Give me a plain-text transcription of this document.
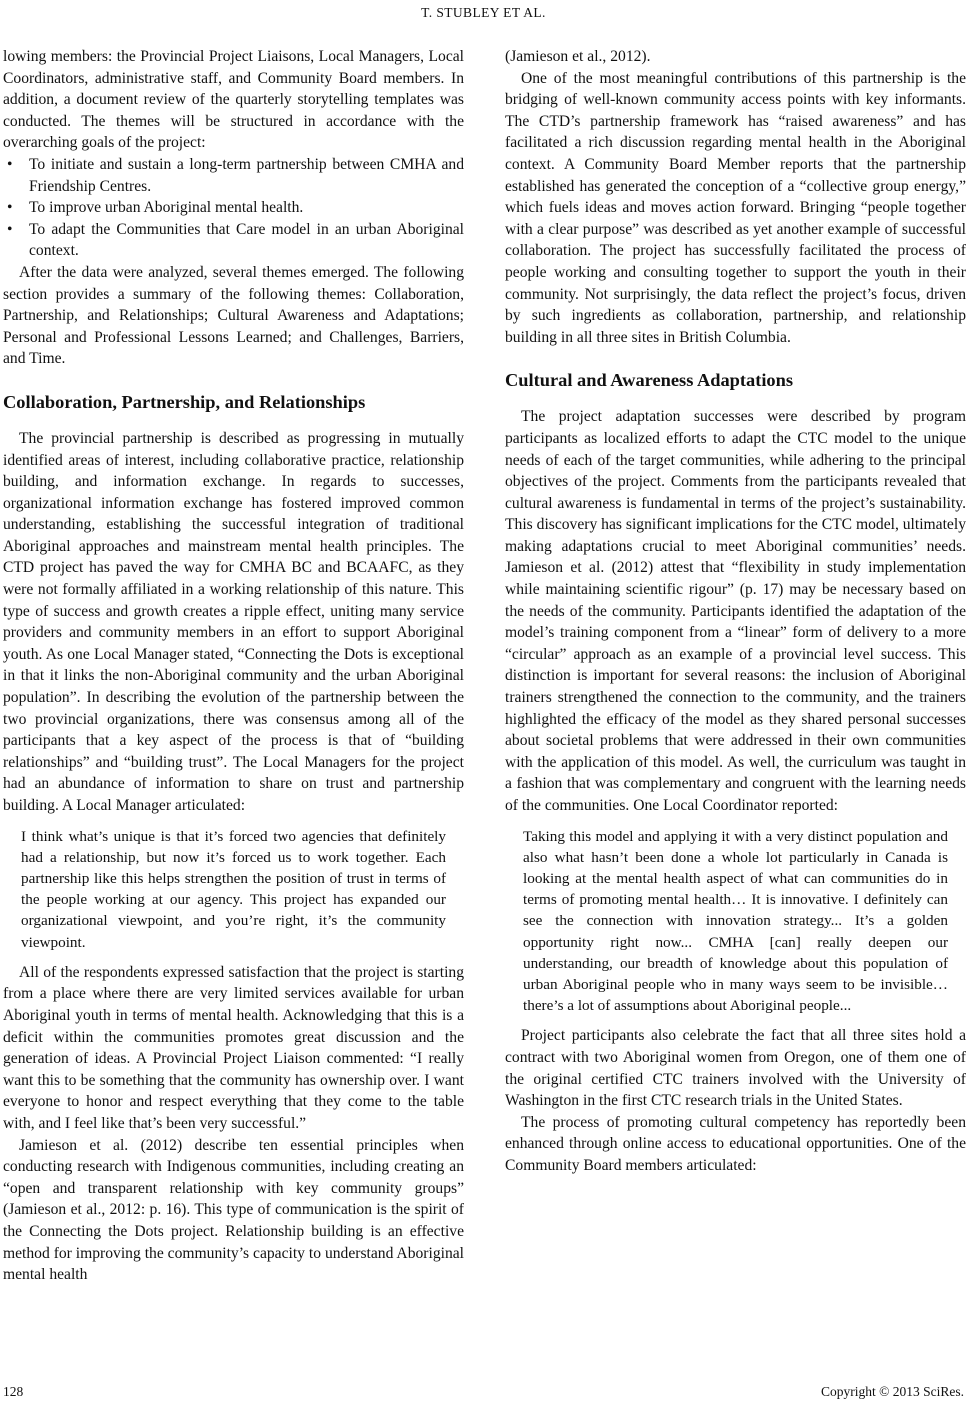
T. STUBLEY ET AL.

lowing members: the Provincial Project Liaisons, Local Managers, Local Coordinators, administrative staff, and Community Board members. In addition, a document review of the quarterly storytelling templates was conducted. The themes will be structured in accordance with the overarching goals of the project:

• To initiate and sustain a long-term partnership between CMHA and Friendship Centres.
• To improve urban Aboriginal mental health.
• To adapt the Communities that Care model in an urban Aboriginal context.

After the data were analyzed, several themes emerged. The following section provides a summary of the following themes: Collaboration, Partnership, and Relationships; Cultural Awareness and Adaptations; Personal and Professional Lessons Learned; and Challenges, Barriers, and Time.

Collaboration, Partnership, and Relationships

The provincial partnership is described as progressing in mutually identified areas of interest, including collaborative practice, relationship building, and information exchange. In regards to successes, organizational information exchange has fostered improved common understanding, establishing the successful integration of traditional Aboriginal approaches and mainstream mental health principles. The CTD project has paved the way for CMHA BC and BCAAFC, as they were not formally affiliated in a working relationship of this nature. This type of success and growth creates a ripple effect, uniting many service providers and community members in an effort to support Aboriginal youth. As one Local Manager stated, “Connecting the Dots is exceptional in that it links the non-Aboriginal community and the urban Aboriginal population”. In describing the evolution of the partnership between the two provincial organizations, there was consensus among all of the participants that a key aspect of the process is that of “building relationships” and “building trust”. The Local Managers for the project had an abundance of information to share on trust and partnership building. A Local Manager articulated:

I think what’s unique is that it’s forced two agencies that definitely had a relationship, but now it’s forced us to work together. Each partnership like this helps strengthen the position of trust in terms of the people working at our agency. This project has expanded our organizational viewpoint, and you’re right, it’s the community viewpoint.

All of the respondents expressed satisfaction that the project is starting from a place where there are very limited services available for urban Aboriginal youth in terms of mental health. Acknowledging that this is a deficit within the communities promotes great discussion and the generation of ideas. A Provincial Project Liaison commented: “I really want this to be something that the community has ownership over. I want everyone to honor and respect everything that they come to the table with, and I feel like that’s been very successful.”

Jamieson et al. (2012) describe ten essential principles when conducting research with Indigenous communities, including creating an “open and transparent relationship with key community groups” (Jamieson et al., 2012: p. 16). This type of communication is the spirit of the Connecting the Dots project. Relationship building is an effective method for improving the community’s capacity to understand Aboriginal mental health

(Jamieson et al., 2012).

One of the most meaningful contributions of this partnership is the bridging of well-known community access points with key informants. The CTD’s partnership framework has “raised awareness” and has facilitated a rich discussion regarding mental health in the Aboriginal context. A Community Board Member reports that the partnership established has generated the conception of a “collective group energy,” which fuels ideas and moves action forward. Bringing “people together with a clear purpose” was described as yet another example of successful collaboration. The project has successfully facilitated the process of people working and consulting together to support the youth in their community. Not surprisingly, the data reflect the project’s focus, driven by such ingredients as collaboration, partnership, and relationship building in all three sites in British Columbia.

Cultural and Awareness Adaptations

The project adaptation successes were described by program participants as localized efforts to adapt the CTC model to the unique needs of each of the target communities, while adhering to the principal objectives of the project. Comments from the participants revealed that cultural awareness is fundamental in terms of the project’s sustainability. This discovery has significant implications for the CTC model, ultimately making adaptations crucial to meet Aboriginal communities’ needs. Jamieson et al. (2012) attest that “flexibility in study implementation while maintaining scientific rigour” (p. 17) may be necessary based on the needs of the community. Participants identified the adaptation of the model’s training component from a “linear” form of delivery to a more “circular” approach as an example of a provincial level success. This distinction is important for several reasons: the inclusion of Aboriginal trainers strengthened the connection to the community, and the trainers highlighted the efficacy of the model as they shared personal successes about societal problems that were addressed in their own communities with the application of this model. As well, the curriculum was taught in a fashion that was complementary and congruent with the learning needs of the communities. One Local Coordinator reported:

Taking this model and applying it with a very distinct population and also what hasn’t been done a whole lot particularly in Canada is looking at the mental health aspect of what can communities do in terms of promoting mental health… It is innovative. I definitely can see the connection with innovation strategy... It’s a golden opportunity right now... CMHA [can] really deepen our understanding, our breadth of knowledge about this population of urban Aboriginal people who in many ways seem to be invisible…there’s a lot of assumptions about Aboriginal people...

Project participants also celebrate the fact that all three sites hold a contract with two Aboriginal women from Oregon, one of them one of the original certified CTC trainers involved with the University of Washington in the first CTC research trials in the United States.

The process of promoting cultural competency has reportedly been enhanced through online access to educational opportunities. One of the Community Board members articulated:

128	Copyright © 2013 SciRes.
